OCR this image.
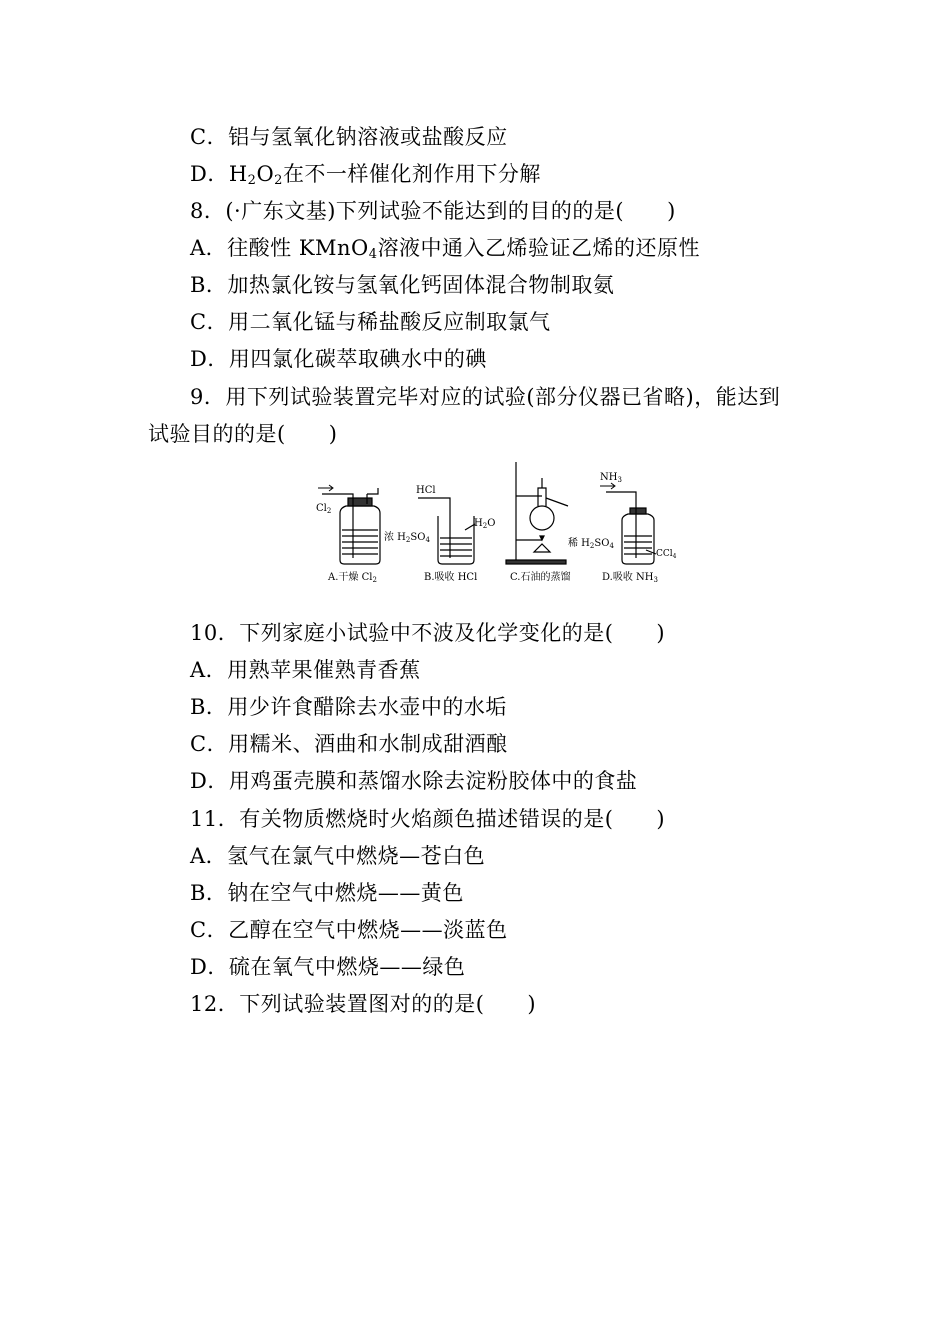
C．铝与氢氧化钠溶液或盐酸反应
D．$H_2O_2$在不一样催化剂作用下分解
8．(·广东文基)下列试验不能达到的目的的是(　　)
A．往酸性 KMnO$_4$溶液中通入乙烯验证乙烯的还原性
B．加热氯化铵与氢氧化钙固体混合物制取氨
C．用二氧化锰与稀盐酸反应制取氯气
D．用四氯化碳萃取碘水中的碘
9．用下列试验装置完毕对应的试验(部分仪器已省略)，能达到
试验目的的是(　　)
$Cl_2$
浓 $H_2SO_4$
A.干燥 $Cl_2$
HCl
$H_2O$
B.吸收 HCl	C.石油的蒸馏
$NH_3$
稀 $H_2SO_4$
CCl$_4$
D.吸收 $NH_3$
10．下列家庭小试验中不波及化学变化的是(　　)
A．用熟苹果催熟青香蕉
B．用少许食醋除去水壶中的水垢
C．用糯米、酒曲和水制成甜酒酿
D．用鸡蛋壳膜和蒸馏水除去淀粉胶体中的食盐
11．有关物质燃烧时火焰颜色描述错误的是(　　)
A．氢气在氯气中燃烧—苍白色
B．钠在空气中燃烧——黄色
C．乙醇在空气中燃烧——淡蓝色
D．硫在氧气中燃烧——绿色
12．下列试验装置图对的的是(　　)
